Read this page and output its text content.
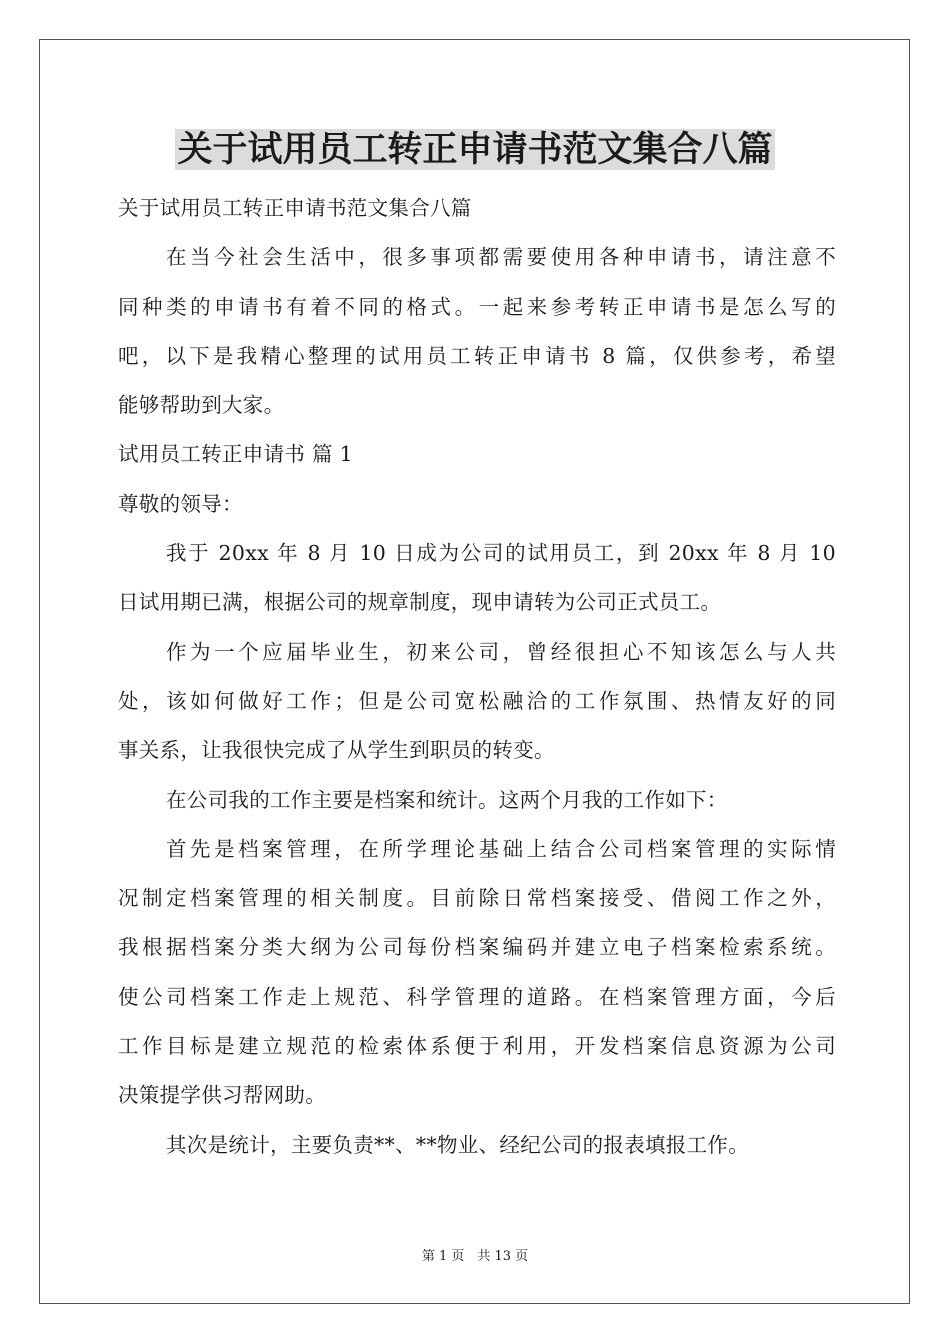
关于试用员工转正申请书范文集合八篇
关于试用员工转正申请书范文集合八篇
在当今社会生活中，很多事项都需要使用各种申请书，请注意不
同种类的申请书有着不同的格式。一起来参考转正申请书是怎么写的
吧，以下是我精心整理的试用员工转正申请书 8 篇，仅供参考，希望
能够帮助到大家。
试用员工转正申请书 篇 1
尊敬的领导：
我于 20xx 年 8 月 10 日成为公司的试用员工，到 20xx 年 8 月 10
日试用期已满，根据公司的规章制度，现申请转为公司正式员工。
作为一个应届毕业生，初来公司，曾经很担心不知该怎么与人共
处，该如何做好工作；但是公司宽松融洽的工作氛围、热情友好的同
事关系，让我很快完成了从学生到职员的转变。
在公司我的工作主要是档案和统计。这两个月我的工作如下：
首先是档案管理，在所学理论基础上结合公司档案管理的实际情
况制定档案管理的相关制度。目前除日常档案接受、借阅工作之外，
我根据档案分类大纲为公司每份档案编码并建立电子档案检索系统。
使公司档案工作走上规范、科学管理的道路。在档案管理方面，今后
工作目标是建立规范的检索体系便于利用，开发档案信息资源为公司
决策提学供习帮网助。
其次是统计，主要负责**、**物业、经纪公司的报表填报工作。
第 1 页　共 13 页
